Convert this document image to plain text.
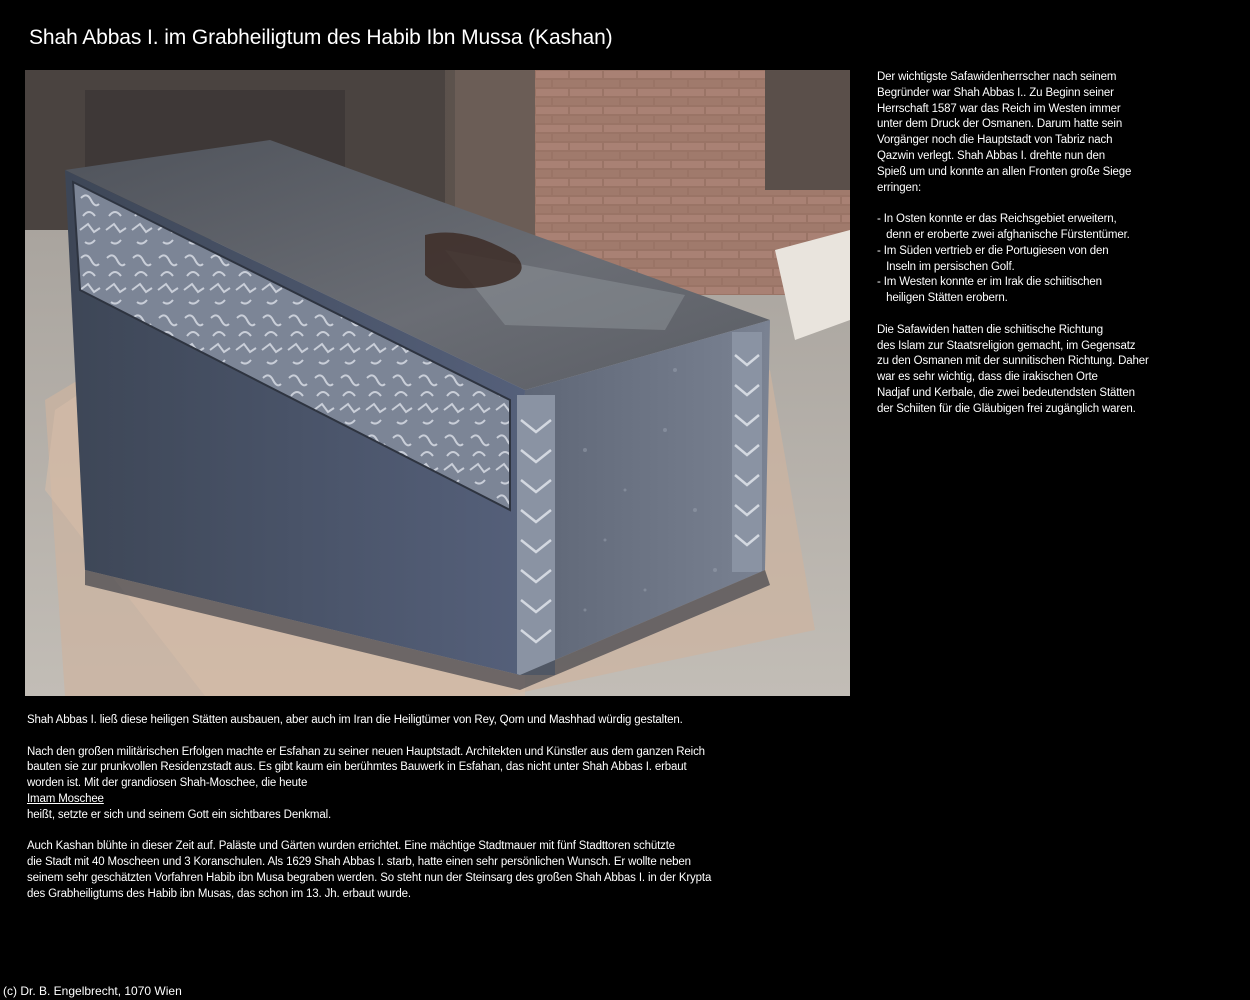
Shah Abbas I. im Grabheiligtum des Habib Ibn Mussa (Kashan)
Der wichtigste Safawidenherrscher nach seinem
Begründer war Shah Abbas I.. Zu Beginn seiner
Herrschaft 1587 war das Reich im Westen immer
unter dem Druck der Osmanen. Darum hatte sein
Vorgänger noch die Hauptstadt von Tabriz nach
Qazwin verlegt. Shah Abbas I. drehte nun den
Spieß um und konnte an allen Fronten große Siege
erringen:
- In Osten konnte er das Reichsgebiet erweitern,
denn er eroberte zwei afghanische Fürstentümer.
- Im Süden vertrieb er die Portugiesen von den
Inseln im persischen Golf.
- Im Westen konnte er im Irak die schiitischen
heiligen Stätten erobern.
Die Safawiden hatten die schiitische Richtung
des Islam zur Staatsreligion gemacht, im Gegensatz
zu den Osmanen mit der sunnitischen Richtung. Daher
war es sehr wichtig, dass die irakischen Orte
Nadjaf und Kerbale, die zwei bedeutendsten Stätten
der Schiiten für die Gläubigen frei zugänglich waren.
Shah Abbas I. ließ diese heiligen Stätten ausbauen, aber auch im Iran die Heiligtümer von Rey, Qom und Mashhad würdig gestalten.
Nach den großen militärischen Erfolgen machte er Esfahan zu seiner neuen Hauptstadt. Architekten und Künstler aus dem ganzen Reich
bauten sie zur prunkvollen Residenzstadt aus. Es gibt kaum ein berühmtes Bauwerk in Esfahan, das nicht unter Shah Abbas I. erbaut
worden ist. Mit der grandiosen Shah-Moschee, die heute
Imam Moschee
heißt, setzte er sich und seinem Gott ein sichtbares Denkmal.
Auch Kashan blühte in dieser Zeit auf. Paläste und Gärten wurden errichtet. Eine mächtige Stadtmauer mit fünf Stadttoren schützte
die Stadt mit 40 Moscheen und 3 Koranschulen. Als 1629 Shah Abbas I. starb, hatte einen sehr persönlichen Wunsch. Er wollte neben
seinem sehr geschätzten Vorfahren Habib ibn Musa begraben werden. So steht nun der Steinsarg des großen Shah Abbas I. in der Krypta
des Grabheiligtums des Habib ibn Musas, das schon im 13. Jh. erbaut wurde.
(c) Dr. B. Engelbrecht, 1070 Wien
